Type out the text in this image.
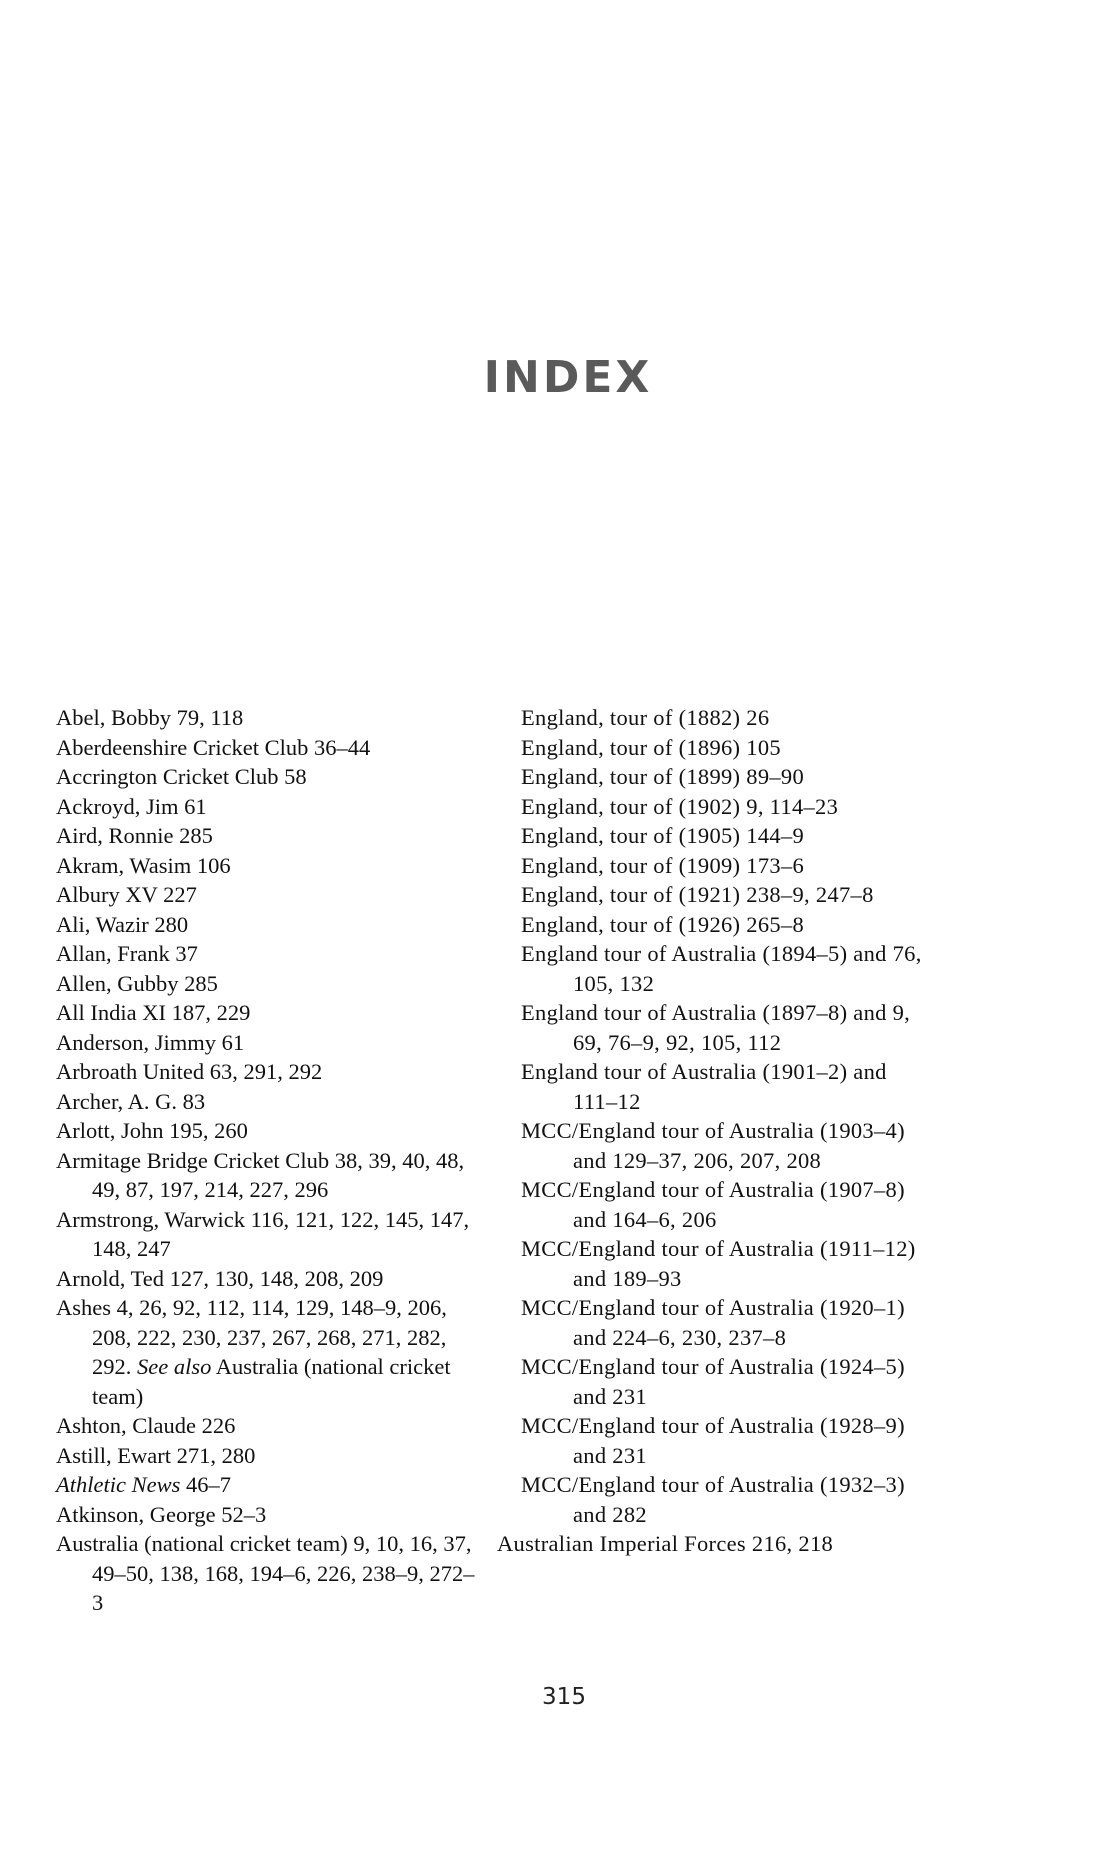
INDEX

Abel, Bobby 79, 118

Aberdeenshire Cricket Club 36–44

Accrington Cricket Club 58

Ackroyd, Jim 61

Aird, Ronnie 285

Akram, Wasim 106

Albury XV 227

Ali, Wazir 280

Allan, Frank 37

Allen, Gubby 285

All India XI 187, 229

Anderson, Jimmy 61

Arbroath United 63, 291, 292

Archer, A. G. 83

Arlott, John 195, 260

Armitage Bridge Cricket Club 38, 39, 40, 48, 49, 87, 197, 214, 227, 296

Armstrong, Warwick 116, 121, 122, 145, 147, 148, 247

Arnold, Ted 127, 130, 148, 208, 209

Ashes 4, 26, 92, 112, 114, 129, 148–9, 206, 208, 222, 230, 237, 267, 268, 271, 282, 292. See also Australia (national cricket team)

Ashton, Claude 226

Astill, Ewart 271, 280

Athletic News 46–7

Atkinson, George 52–3

Australia (national cricket team) 9, 10, 16, 37, 49–50, 138, 168, 194–6, 226, 238–9, 272–3

England, tour of (1882) 26

England, tour of (1896) 105

England, tour of (1899) 89–90

England, tour of (1902) 9, 114–23

England, tour of (1905) 144–9

England, tour of (1909) 173–6

England, tour of (1921) 238–9, 247–8

England, tour of (1926) 265–8

England tour of Australia (1894–5) and 76, 105, 132

England tour of Australia (1897–8) and 9, 69, 76–9, 92, 105, 112

England tour of Australia (1901–2) and 111–12

MCC/England tour of Australia (1903–4) and 129–37, 206, 207, 208

MCC/England tour of Australia (1907–8) and 164–6, 206

MCC/England tour of Australia (1911–12) and 189–93

MCC/England tour of Australia (1920–1) and 224–6, 230, 237–8

MCC/England tour of Australia (1924–5) and 231

MCC/England tour of Australia (1928–9) and 231

MCC/England tour of Australia (1932–3) and 282

Australian Imperial Forces 216, 218

315
